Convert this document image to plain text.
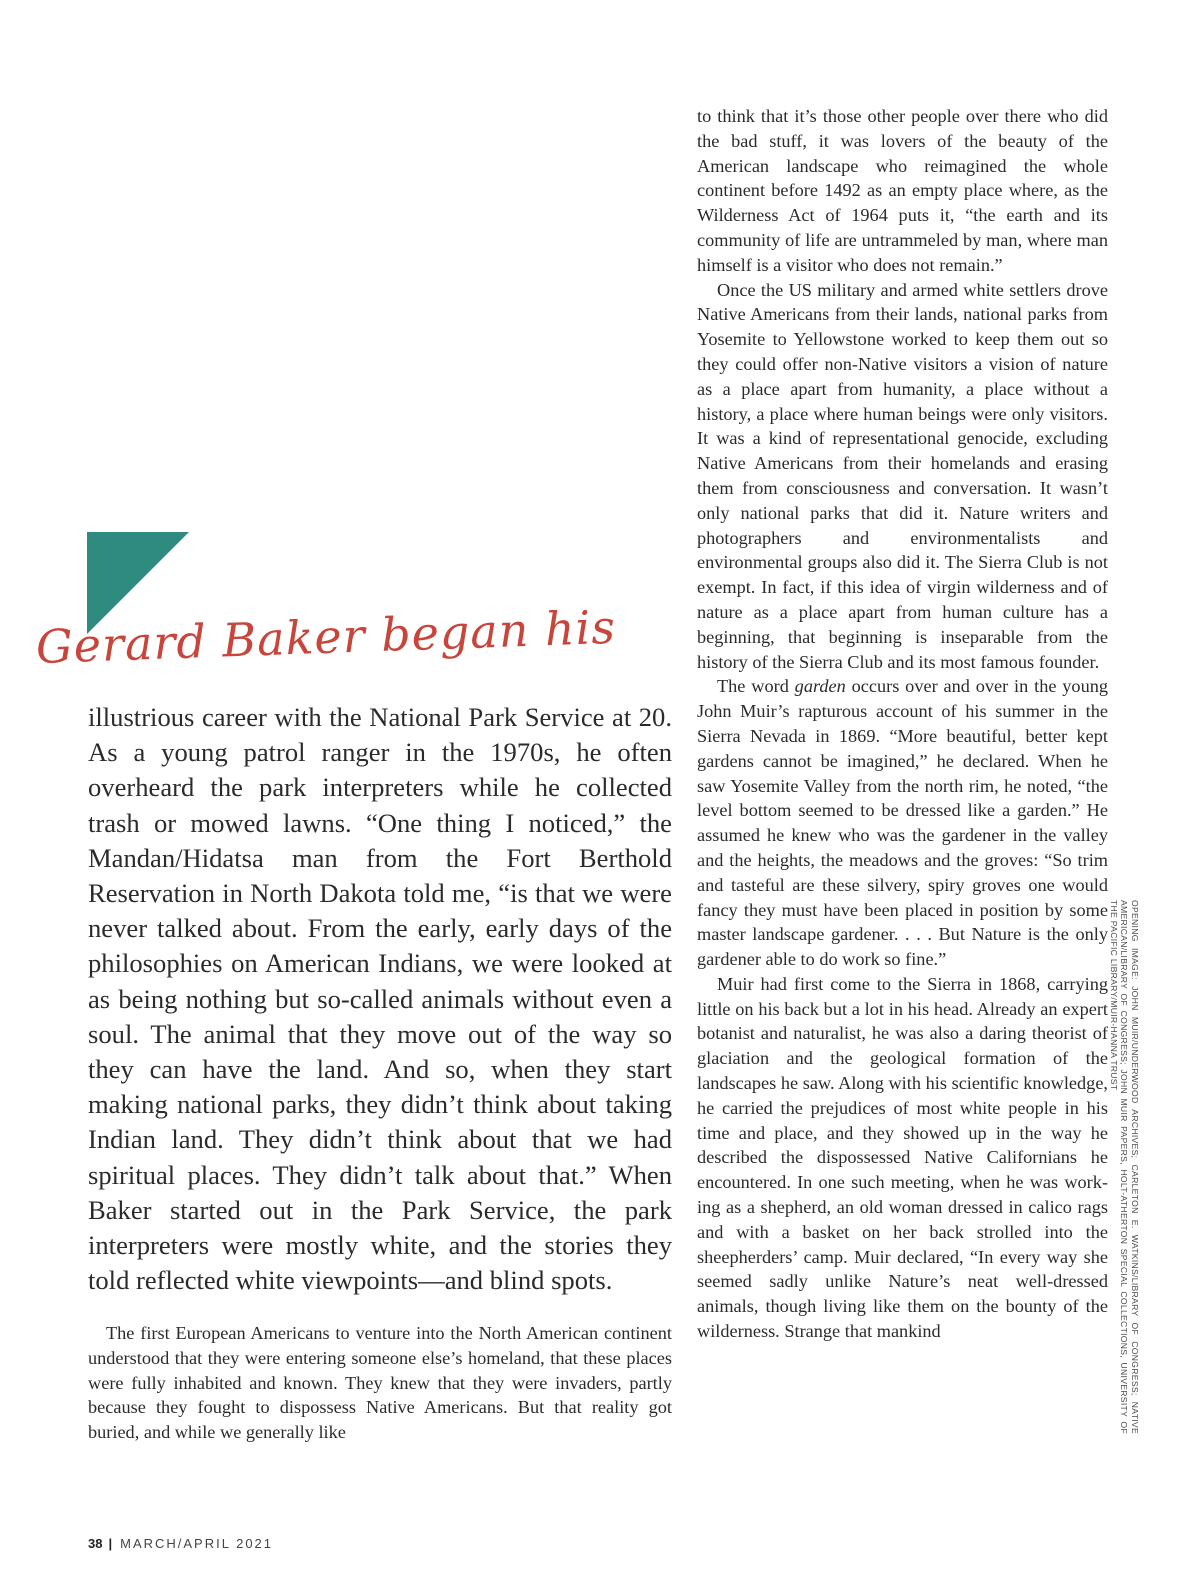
Gerard Baker began his

illustrious career with the National Park Service at 20. As a young patrol ranger in the 1970s, he often overheard the park interpreters while he collected trash or mowed lawns. “One thing I noticed,” the Mandan/Hidatsa man from the Fort Berthold Reservation in North Dakota told me, “is that we were never talked about. From the early, early days of the philosophies on American Indians, we were looked at as being nothing but so-called animals without even a soul. The animal that they move out of the way so they can have the land. And so, when they start making national parks, they didn’t think about taking Indian land. They didn’t think about that we had spiritual places. They didn’t talk about that.” When Baker started out in the Park Service, the park interpreters were mostly white, and the stories they told reflected white viewpoints—and blind spots.

The first European Americans to venture into the North American continent understood that they were entering someone else’s homeland, that these places were fully inhabited and known. They knew that they were invaders, partly because they fought to dispossess Native Americans. But that reality got buried, and while we generally like

to think that it’s those other people over there who did the bad stuff, it was lovers of the beauty of the American landscape who reimagined the whole continent before 1492 as an empty place where, as the Wilderness Act of 1964 puts it, “the earth and its community of life are untrammeled by man, where man himself is a visitor who does not remain.”

Once the US military and armed white settlers drove Native Americans from their lands, national parks from Yosemite to Yellowstone worked to keep them out so they could offer non-Native visitors a vision of nature as a place apart from humanity, a place without a history, a place where human beings were only visitors. It was a kind of representational genocide, excluding Native Americans from their homelands and erasing them from consciousness and conversation. It wasn’t only national parks that did it. Nature writers and photographers and environmentalists and environmental groups also did it. The Sierra Club is not exempt. In fact, if this idea of virgin wilderness and of nature as a place apart from human culture has a beginning, that beginning is inseparable from the history of the Sierra Club and its most famous founder.

The word garden occurs over and over in the young John Muir’s rapturous account of his summer in the Sierra Nevada in 1869. “More beautiful, better kept gardens cannot be imagined,” he declared. When he saw Yosemite Valley from the north rim, he noted, “the level bottom seemed to be dressed like a garden.” He assumed he knew who was the gardener in the valley and the heights, the meadows and the groves: “So trim and tasteful are these silvery, spiry groves one would fancy they must have been placed in position by some master landscape gardener. . . . But Nature is the only gardener able to do work so fine.”

Muir had first come to the Sierra in 1868, carrying little on his back but a lot in his head. Already an expert botanist and naturalist, he was also a daring theorist of glaciation and the geological formation of the landscapes he saw. Along with his scientific knowledge, he carried the prejudices of most white people in his time and place, and they showed up in the way he described the dispossessed Native Californians he encountered. In one such meeting, when he was working as a shepherd, an old woman dressed in calico rags and with a basket on her back strolled into the sheepherders’ camp. Muir declared, “In every way she seemed sadly unlike Nature’s neat well-dressed animals, though living like them on the bounty of the wilderness. Strange that mankind	OPENING IMAGE: JOHN MUIR/UNDERWOOD ARCHIVES; CARLETON E. WATKINS/LIBRARY OF CONGRESS; NATIVE AMERICAN/LIBRARY OF CONGRESS; JOHN MUIR PAPERS, HOLT-ATHERTON SPECIAL COLLECTIONS, UNIVERSITY OF THE PACIFIC LIBRARY/MUIR-HANNA TRUST
38 | MARCH/APRIL 2021
